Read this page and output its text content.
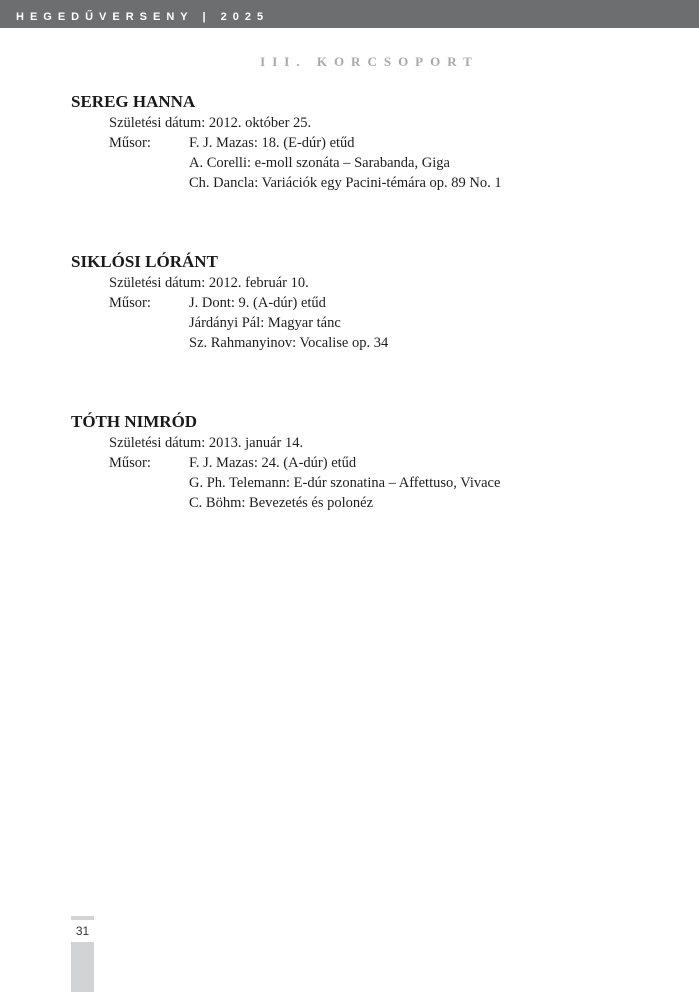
HEGEDŰVERSENY | 2025
III. KORCSOPORT
SEREG HANNA
Születési dátum: 2012. október 25.
Műsor:	F. J. Mazas: 18. (E-dúr) etűd
A. Corelli: e-moll szonáta – Sarabanda, Giga
Ch. Dancla: Variációk egy Pacini-témára op. 89 No. 1
SIKLÓSI LÓRÁNT
Születési dátum: 2012. február 10.
Műsor:	J. Dont: 9. (A-dúr) etűd
Járdányi Pál: Magyar tánc
Sz. Rahmanyinov: Vocalise op. 34
TÓTH NIMRÓD
Születési dátum: 2013. január 14.
Műsor:	F. J. Mazas: 24. (A-dúr) etűd
G. Ph. Telemann: E-dúr szonatina – Affettuso, Vivace
C. Böhm: Bevezetés és polonéz
31
